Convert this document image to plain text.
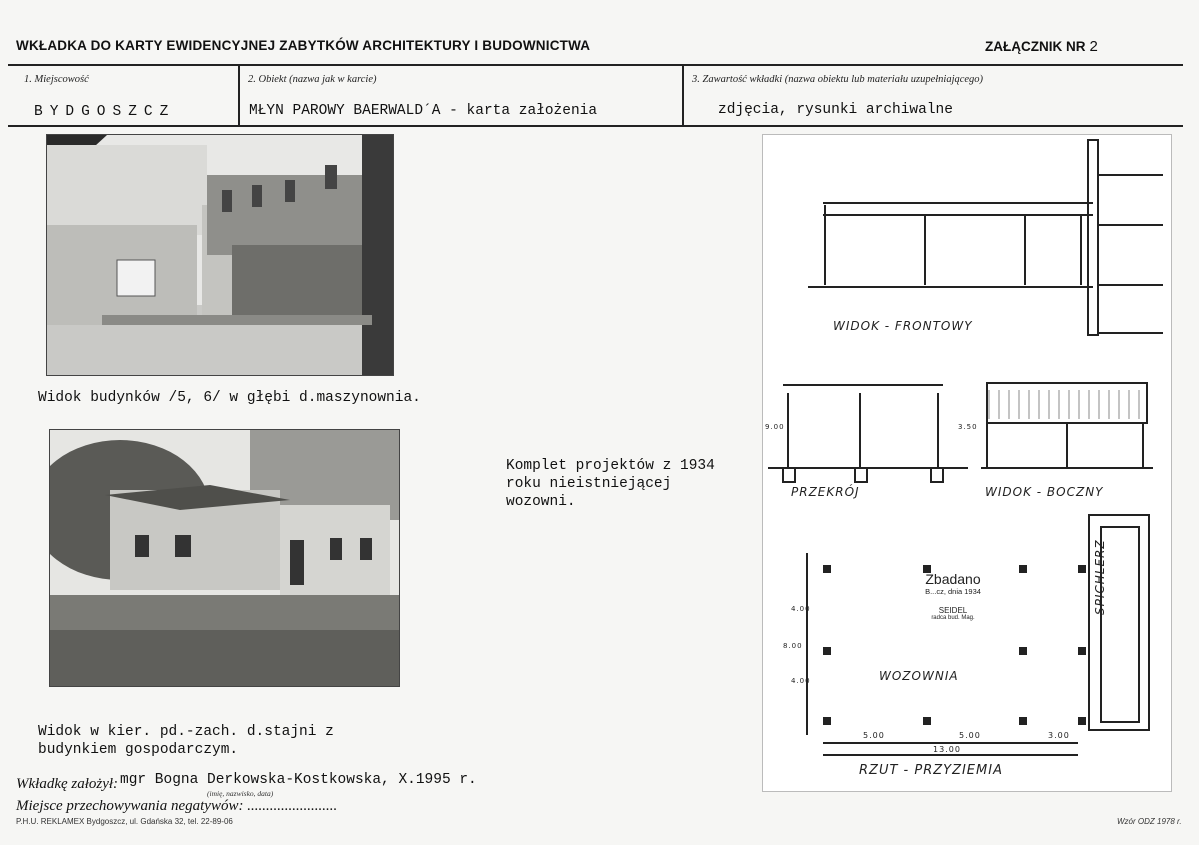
WKŁADKA DO KARTY EWIDENCYJNEJ ZABYTKÓW ARCHITEKTURY I BUDOWNICTWA	ZAŁĄCZNIK NR 2
1. Miejscowość
BYDGOSZCZ
2. Obiekt (nazwa jak w karcie)
MŁYN PAROWY BAERWALD´A - karta założenia
3. Zawartość wkładki (nazwa obiektu lub materiału uzupełniającego)
zdjęcia, rysunki archiwalne
Widok budynków /5, 6/ w głębi d.maszynownia.
Widok w kier. pd.-zach. d.stajni z
budynkiem gospodarczym.
Komplet projektów z 1934
roku nieistniejącej
wozowni.
WIDOK - FRONTOWY
PRZEKRÓJ	WIDOK - BOCZNY
WOZOWNIA
SPICHLERZ
RZUT - PRZYZIEMIA
Zbadano
B...cz, dnia 1934
SEIDEL
radca bud. Mag.
5.00	5.00	3.00
13.00
4.00
4.00
8.00
9.00	3.50
Wkładkę założył: mgr Bogna Derkowska-Kostkowska, X.1995 r.
(imię, nazwisko, data)
Miejsce przechowywania negatywów: ........................
P.H.U. REKLAMEX Bydgoszcz, ul. Gdańska 32, tel. 22-89-06	Wzór ODZ 1978 r.
